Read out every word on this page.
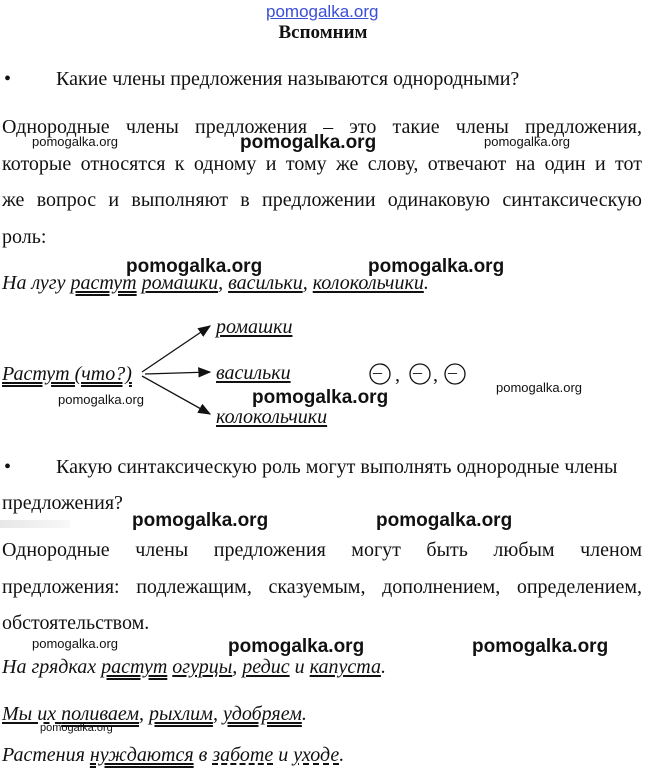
pomogalka.org
Вспомним
• Какие члены предложения называются однородными?
Однородные члены предложения – это такие члены предложения,
которые относятся к одному и тому же слову, отвечают на один и тот
же вопрос и выполняют в предложении одинаковую синтаксическую
роль:
На лугу растут ромашки, васильки, колокольчики.
Растут (что?)
ромашки
васильки
колокольчики
– , – , –
• Какую синтаксическую роль могут выполнять однородные члены
предложения?
Однородные члены предложения могут быть любым членом
предложения: подлежащим, сказуемым, дополнением, определением,
обстоятельством.
На грядках растут огурцы, редис и капуста.
Мы их поливаем, рыхлим, удобряем.
Растения нуждаются в заботе и уходе.
pomogalka.org	pomogalka.org	pomogalka.org
pomogalka.org	pomogalka.org
pomogalka.org
pomogalka.org	pomogalka.org
pomogalka.org	pomogalka.org
pomogalka.org	pomogalka.org	pomogalka.org
pomogalka.org
